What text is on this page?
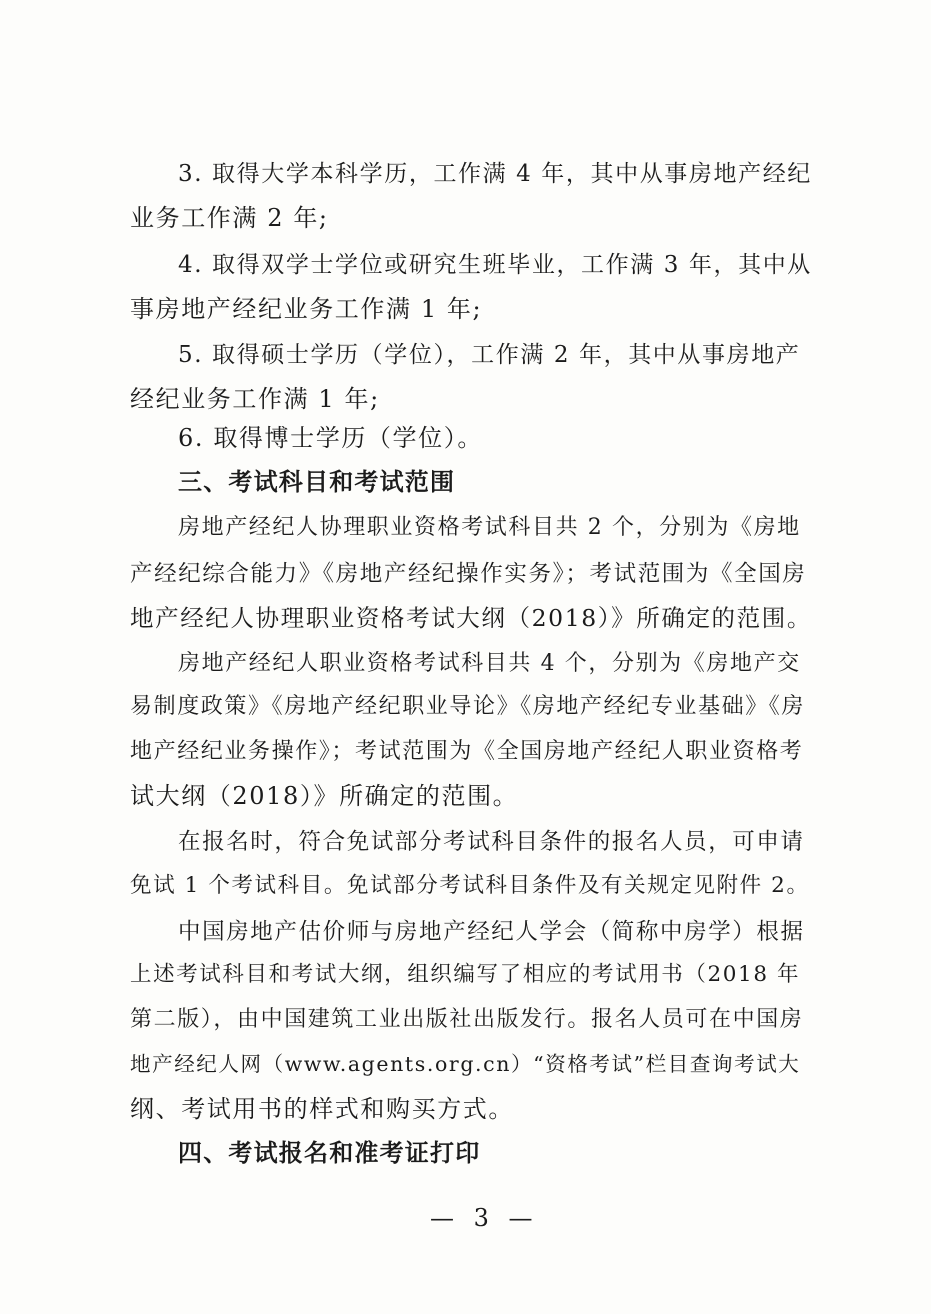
3. 取得大学本科学历，工作满 4 年，其中从事房地产经纪
业务工作满 2 年;
4. 取得双学士学位或研究生班毕业，工作满 3 年，其中从
事房地产经纪业务工作满 1 年;
5. 取得硕士学历（学位），工作满 2 年，其中从事房地产
经纪业务工作满 1 年;
6. 取得博士学历（学位）。
三、考试科目和考试范围
房地产经纪人协理职业资格考试科目共 2 个，分别为《房地
产经纪综合能力》《房地产经纪操作实务》；考试范围为《全国房
地产经纪人协理职业资格考试大纲（2018）》所确定的范围。
房地产经纪人职业资格考试科目共 4 个，分别为《房地产交
易制度政策》《房地产经纪职业导论》《房地产经纪专业基础》《房
地产经纪业务操作》；考试范围为《全国房地产经纪人职业资格考
试大纲（2018）》所确定的范围。
在报名时，符合免试部分考试科目条件的报名人员，可申请
免试 1 个考试科目。免试部分考试科目条件及有关规定见附件 2。
中国房地产估价师与房地产经纪人学会（简称中房学）根据
上述考试科目和考试大纲，组织编写了相应的考试用书（2018 年
第二版），由中国建筑工业出版社出版发行。报名人员可在中国房
地产经纪人网（www.agents.org.cn）“资格考试”栏目查询考试大
纲、考试用书的样式和购买方式。
四、考试报名和准考证打印
— 3 —
